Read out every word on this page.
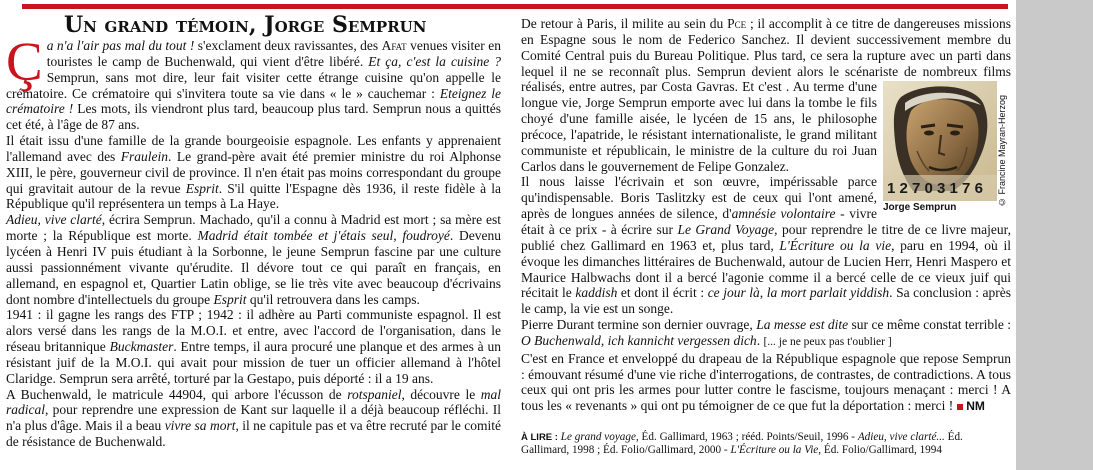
Un grand témoin, Jorge Semprun

Ça n'a l'air pas mal du tout ! s'exclament deux ravissantes, des Afat venues visiter en touristes le camp de Buchenwald, qui vient d'être libéré. Et ça, c'est la cuisine ? Semprun, sans mot dire, leur fait visiter cette étrange cuisine qu'on appelle le crématoire. Ce crématoire qui s'invitera toute sa vie dans « le » cauchemar : Eteignez le crématoire ! Les mots, ils viendront plus tard, beaucoup plus tard. Semprun nous a quittés cet été, à l'âge de 87 ans.

Il était issu d'une famille de la grande bourgeoisie espagnole. Les enfants y apprenaient l'allemand avec des Fraulein. Le grand-père avait été premier ministre du roi Alphonse XIII, le père, gouverneur civil de province. Il n'en était pas moins correspondant du groupe qui gravitait autour de la revue Esprit. S'il quitte l'Espagne dès 1936, il reste fidèle à la République qu'il représentera un temps à La Haye.

Adieu, vive clarté, écrira Semprun. Machado, qu'il a connu à Madrid est mort ; sa mère est morte ; la République est morte. Madrid était tombée et j'étais seul, foudroyé. Devenu lycéen à Henri IV puis étudiant à la Sorbonne, le jeune Semprun fascine par une culture aussi passionnément vivante qu'érudite. Il dévore tout ce qui paraît en français, en allemand, en espagnol et, Quartier Latin oblige, se lie très vite avec beaucoup d'écrivains dont nombre d'intellectuels du groupe Esprit qu'il retrouvera dans les camps.

1941 : il gagne les rangs des FTP ; 1942 : il adhère au Parti communiste espagnol. Il est alors versé dans les rangs de la M.O.I. et entre, avec l'accord de l'organisation, dans le réseau britannique Buckmaster. Entre temps, il aura procuré une planque et des armes à un résistant juif de la M.O.I. qui avait pour mission de tuer un officier allemand à l'hôtel Claridge. Semprun sera arrêté, torturé par la Gestapo, puis déporté : il a 19 ans.

A Buchenwald, le matricule 44904, qui arbore l'écusson de rotspaniel, découvre le mal radical, pour reprendre une expression de Kant sur laquelle il a déjà beaucoup réfléchi. Il n'a plus d'âge. Mais il a beau vivre sa mort, il ne capitule pas et va être recruté par le comité de résistance de Buchenwald.

De retour à Paris, il milite au sein du Pce ; il accomplit à ce titre de dangereuses missions en Espagne sous le nom de Federico Sanchez. Il devient successivement membre du Comité Central puis du Bureau Politique. Plus tard, ce sera la rupture avec un parti dans lequel il ne se reconnaît plus. Semprun devient alors le scénariste de nombreux films réalisés, entre autres, par Costa Gavras. Et c'est
1 2 7 0 3 1 7 6
Jorge Semprun
© Francine Mayran-Herzog
. Au terme d'une longue vie, Jorge Semprun emporte avec lui dans la tombe le fils choyé d'une famille aisée, le lycéen de 15 ans, le philosophe précoce, l'apatride, le résistant internationaliste, le grand militant communiste et républicain, le ministre de la culture du roi Juan Carlos dans le gouvernement de Felipe Gonzalez.

Il nous laisse l'écrivain et son œuvre, impérissable parce qu'indispensable. Boris Taslitzky est de ceux qui l'ont amené, après de longues années de silence, d'amnésie volontaire - vivre était à ce prix - à écrire sur Le Grand Voyage, pour reprendre le titre de ce livre majeur, publié chez Gallimard en 1963 et, plus tard, L'Écriture ou la vie, paru en 1994, où il évoque les dimanches littéraires de Buchenwald, autour de Lucien Herr, Henri Maspero et Maurice Halbwachs dont il a bercé l'agonie comme il a bercé celle de ce vieux juif qui récitait le kaddish et dont il écrit : ce jour là, la mort parlait yiddish. Sa conclusion : après le camp, la vie est un songe.

Pierre Durant termine son dernier ouvrage, La messe est dite sur ce même constat terrible : O Buchenwald, ich kannicht vergessen dich. [... je ne peux pas t'oublier ]

C'est en France et enveloppé du drapeau de la République espagnole que repose Semprun : émouvant résumé d'une vie riche d'interrogations, de contrastes, de contradictions. A tous ceux qui ont pris les armes pour lutter contre le fascisme, toujours menaçant : merci ! A tous les « revenants » qui ont pu témoigner de ce que fut la déportation : merci ! NM

À LIRE : Le grand voyage, Éd. Gallimard, 1963 ; rééd. Points/Seuil, 1996 - Adieu, vive clarté... Éd. Gallimard, 1998 ; Éd. Folio/Gallimard, 2000 - L'Écriture ou la Vie, Éd. Folio/Gallimard, 1994
